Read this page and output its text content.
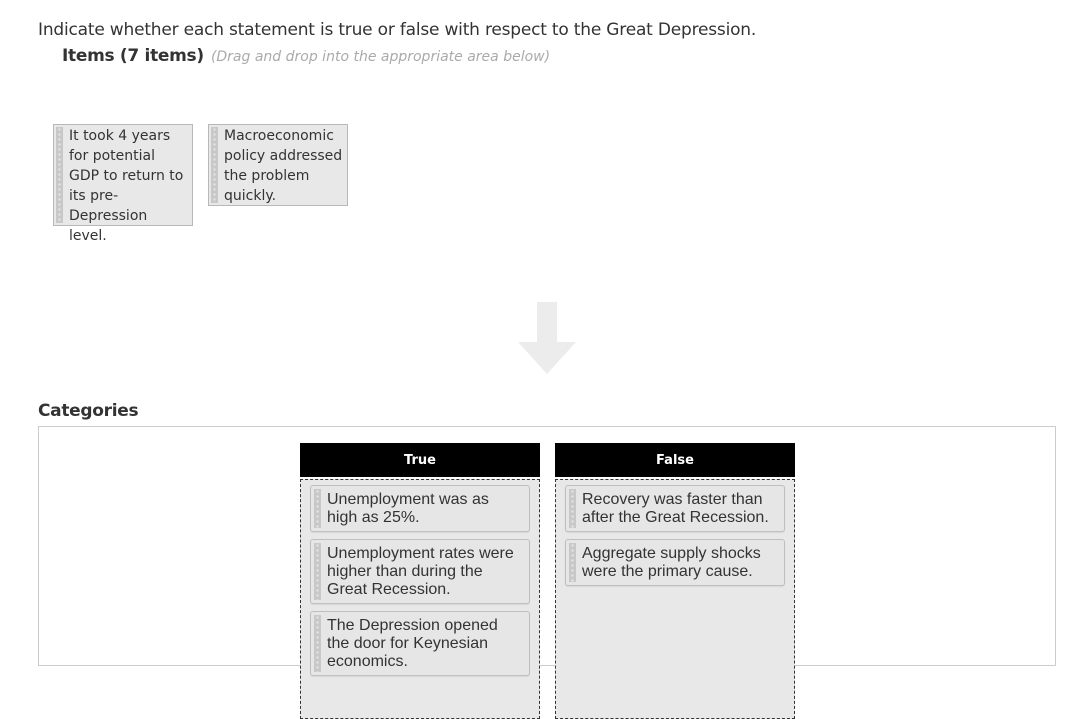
Indicate whether each statement is true or false with respect to the Great Depression.
Items (7 items) (Drag and drop into the appropriate area below)
It took 4 years for potential GDP to return to its pre-Depression level.
Macroeconomic policy addressed the problem quickly.
Categories
True
Unemployment was as high as 25%.
Unemployment rates were higher than during the Great Recession.
The Depression opened the door for Keynesian economics.
False
Recovery was faster than after the Great Recession.
Aggregate supply shocks were the primary cause.
